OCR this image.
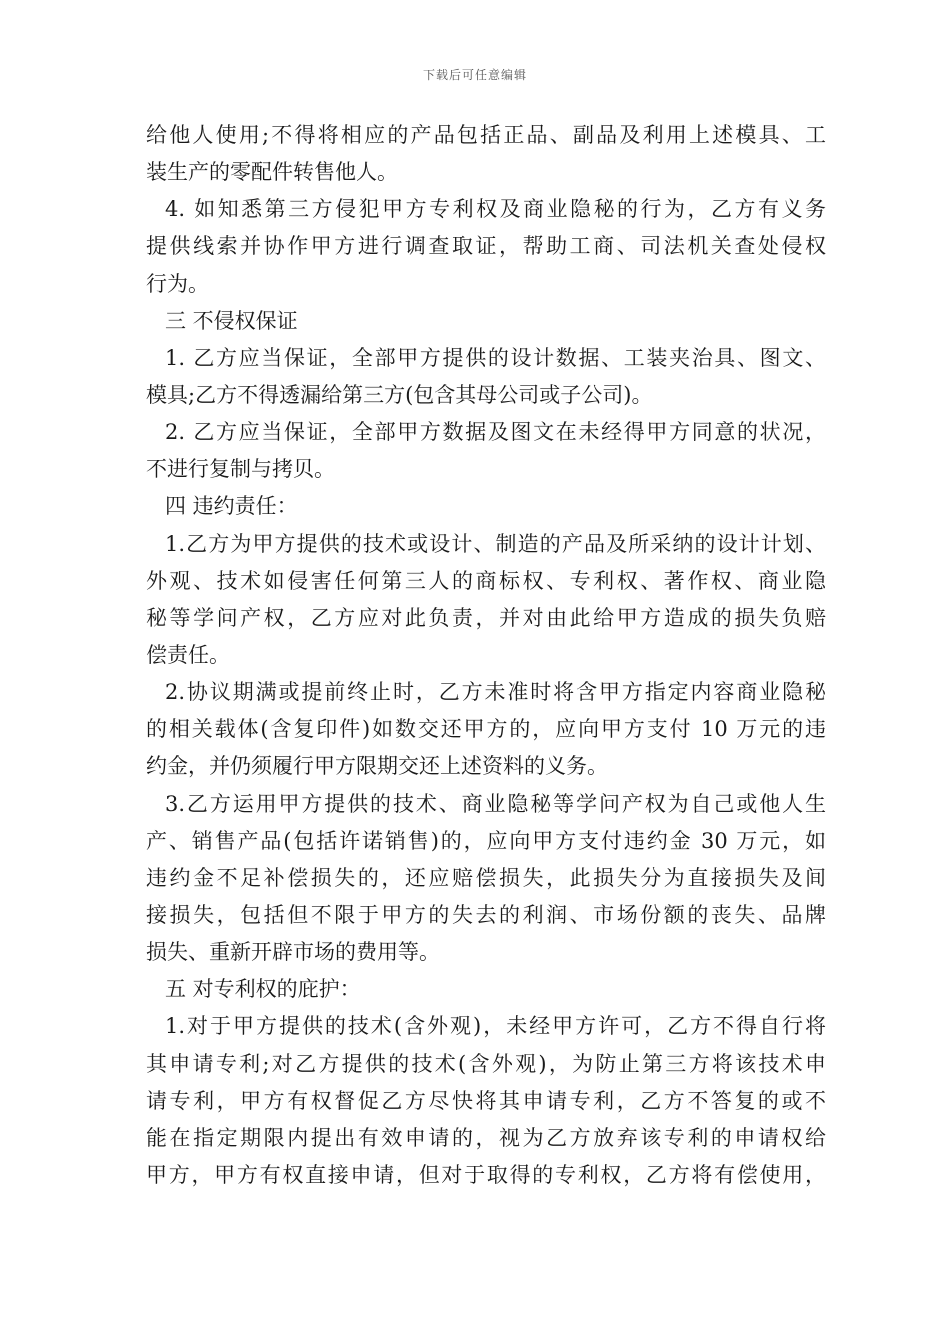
下载后可任意编辑
给他人使用;不得将相应的产品包括正品、副品及利用上述模具、工
装生产的零配件转售他人。
4. 如知悉第三方侵犯甲方专利权及商业隐秘的行为，乙方有义务
提供线索并协作甲方进行调查取证，帮助工商、司法机关查处侵权
行为。
三 不侵权保证
1. 乙方应当保证，全部甲方提供的设计数据、工装夹治具、图文、
模具;乙方不得透漏给第三方(包含其母公司或子公司)。
2. 乙方应当保证，全部甲方数据及图文在未经得甲方同意的状况，
不进行复制与拷贝。
四 违约责任：
1.乙方为甲方提供的技术或设计、制造的产品及所采纳的设计计划、
外观、技术如侵害任何第三人的商标权、专利权、著作权、商业隐
秘等学问产权，乙方应对此负责，并对由此给甲方造成的损失负赔
偿责任。
2.协议期满或提前终止时，乙方未准时将含甲方指定内容商业隐秘
的相关载体(含复印件)如数交还甲方的，应向甲方支付 10 万元的违
约金，并仍须履行甲方限期交还上述资料的义务。
3.乙方运用甲方提供的技术、商业隐秘等学问产权为自己或他人生
产、销售产品(包括许诺销售)的，应向甲方支付违约金 30 万元，如
违约金不足补偿损失的，还应赔偿损失，此损失分为直接损失及间
接损失，包括但不限于甲方的失去的利润、市场份额的丧失、品牌
损失、重新开辟市场的费用等。
五 对专利权的庇护：
1.对于甲方提供的技术(含外观)，未经甲方许可，乙方不得自行将
其申请专利;对乙方提供的技术(含外观)，为防止第三方将该技术申
请专利，甲方有权督促乙方尽快将其申请专利，乙方不答复的或不
能在指定期限内提出有效申请的，视为乙方放弃该专利的申请权给
甲方，甲方有权直接申请，但对于取得的专利权，乙方将有偿使用，
